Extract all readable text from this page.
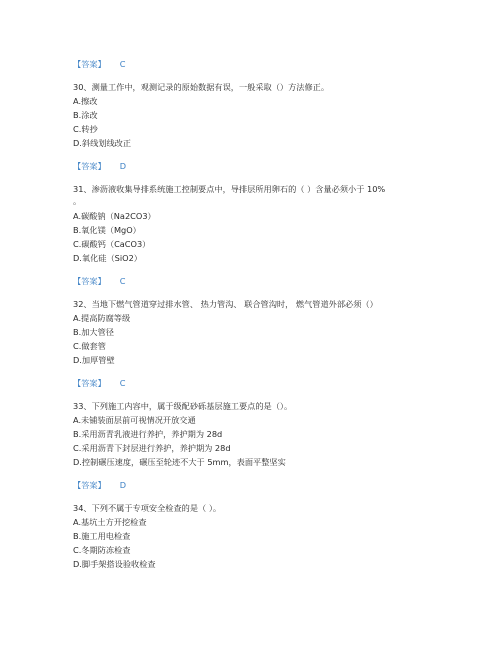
【答案】 C
30、测量工作中，观测记录的原始数据有误，一般采取（）方法修正。
A.擦改
B.涂改
C.转抄
D.斜线划线改正
【答案】 D
31、渗沥液收集导排系统施工控制要点中，导排层所用卵石的（ ）含量必须小于 10%
。
A.碳酸钠（Na2CO3）
B.氧化镁（MgO）
C.碳酸钙（CaCO3）
D.氧化硅（SiO2）
【答案】 C
32、当地下燃气管道穿过排水管、 热力管沟、 联合管沟时， 燃气管道外部必须（）
A.提高防腐等级
B.加大管径
C.做套管
D.加厚管壁
【答案】 C
33、下列施工内容中，属于级配砂砾基层施工要点的是（）。
A.未铺装面层前可视情况开放交通
B.采用沥青乳液进行养护，养护期为 28d
C.采用沥青下封层进行养护，养护期为 28d
D.控制碾压速度，碾压至轮迹不大于 5mm，表面平整坚实
【答案】 D
34、下列不属于专项安全检查的是（ ）。
A.基坑土方开挖检查
B.施工用电检查
C.冬期防冻检查
D.脚手架搭设验收检查
